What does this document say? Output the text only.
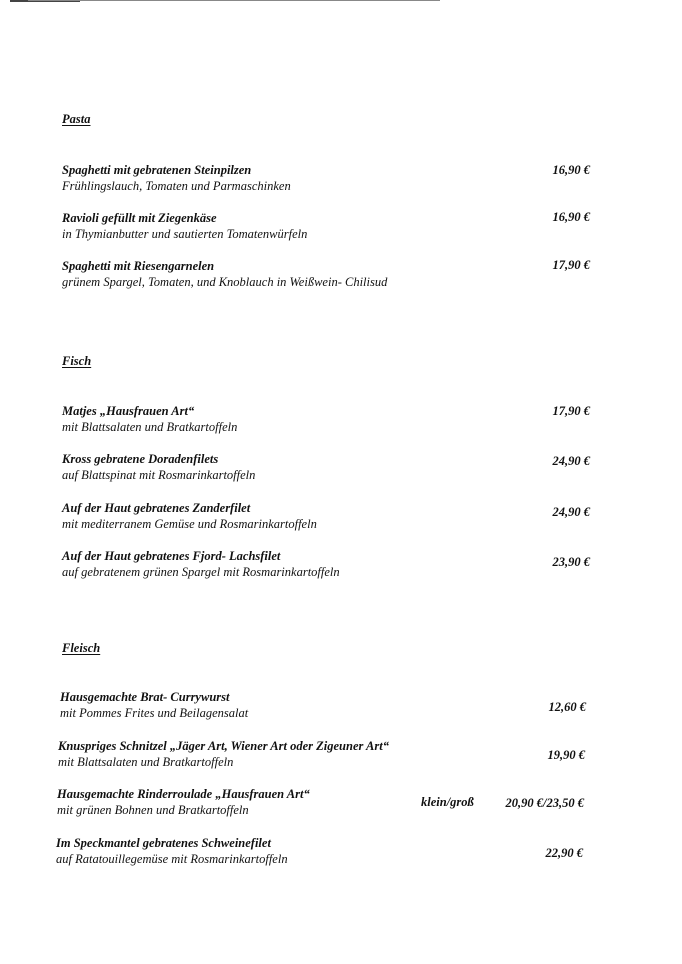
Pasta
Spaghetti mit gebratenen Steinpilzen
Frühlingslauch, Tomaten und Parmaschinken
16,90 €
Ravioli gefüllt mit Ziegenkäse
in Thymianbutter und sautierten Tomatenwürfeln
16,90 €
Spaghetti mit Riesengarnelen
grünem Spargel, Tomaten, und Knoblauch in Weißwein- Chilisud
17,90 €
Fisch
Matjes „Hausfrauen Art“
mit Blattsalaten und Bratkartoffeln
17,90 €
Kross gebratene Doradenfilets
auf Blattspinat mit Rosmarinkartoffeln
24,90 €
Auf der Haut gebratenes Zanderfilet
mit mediterranem Gemüse und Rosmarinkartoffeln
24,90 €
Auf der Haut gebratenes Fjord- Lachsfilet
auf gebratenem grünen Spargel mit Rosmarinkartoffeln
23,90 €
Fleisch
Hausgemachte Brat- Currywurst
mit Pommes Frites und Beilagensalat	12,60 €
Knuspriges Schnitzel „Jäger Art, Wiener Art oder Zigeuner Art“
mit Blattsalaten und Bratkartoffeln	19,90 €
Hausgemachte Rinderroulade „Hausfrauen Art“
mit grünen Bohnen und Bratkartoffeln
klein/groß	20,90 €/23,50 €
Im Speckmantel gebratenes Schweinefilet
auf Ratatouillegemüse mit Rosmarinkartoffeln	22,90 €
